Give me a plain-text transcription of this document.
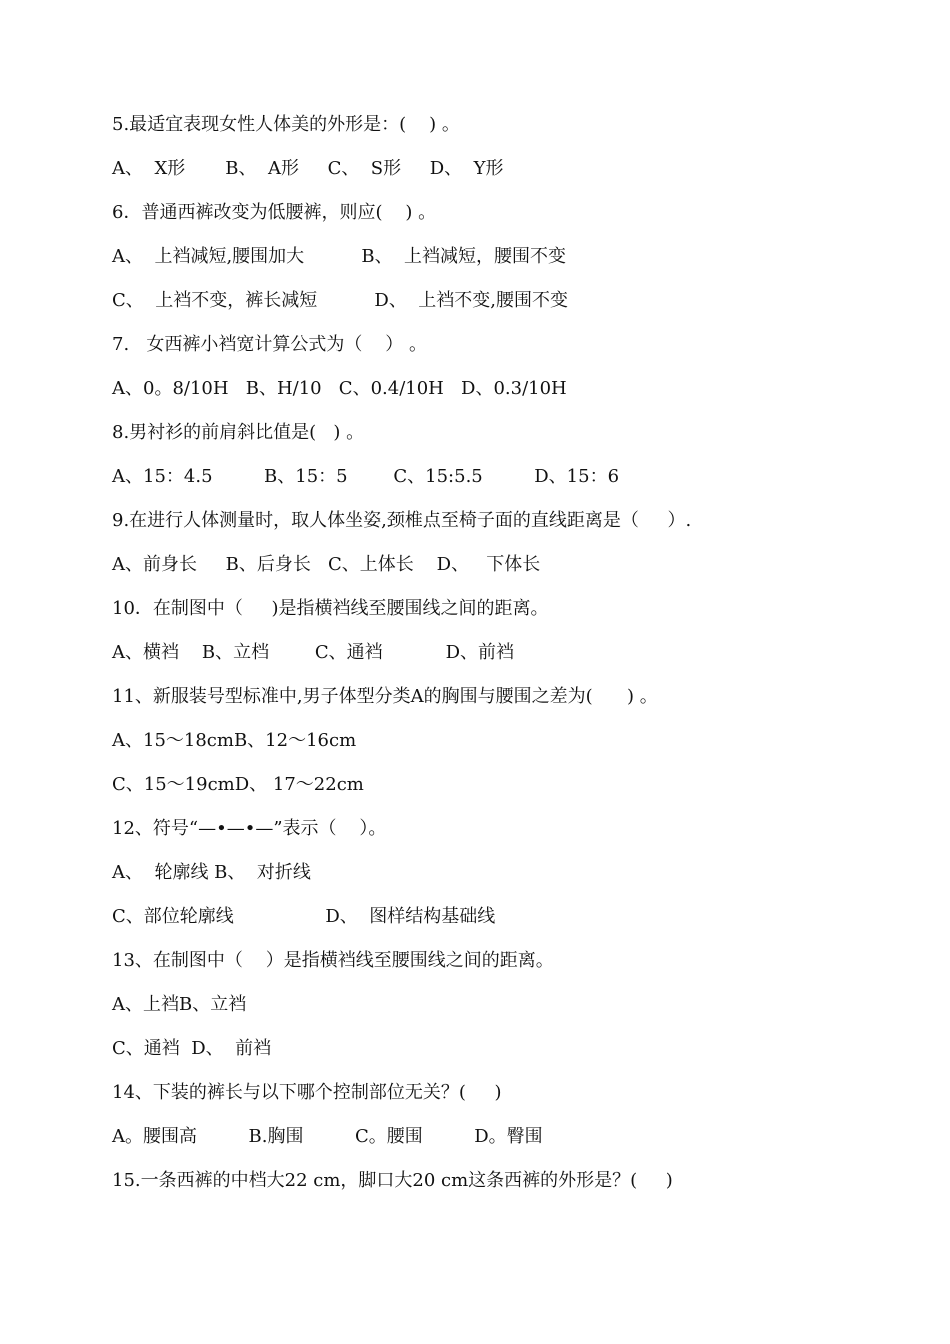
5.最适宜表现女性人体美的外形是：(    ) 。
A、  X形       B、  A形     C、  S形     D、  Y形
6．普通西裤改变为低腰裤，则应(    ) 。
A、  上裆减短,腰围加大          B、  上裆减短，腰围不变
C、  上裆不变，裤长减短          D、  上裆不变,腰围不变
7.   女西裤小裆宽计算公式为（    ） 。
A、0。8/10H   B、H/10   C、0.4/10H   D、0.3/10H
8.男衬衫的前肩斜比值是(   ) 。
A、15：4.5         B、15：5        C、15:5.5         D、15：6
9.在进行人体测量时，取人体坐姿,颈椎点至椅子面的直线距离是（     ）.
A、前身长     B、后身长   C、上体长    D、   下体长
10．在制图中（     )是指横裆线至腰围线之间的距离。
A、横裆    B、立档        C、通裆           D、前裆
11、新服装号型标准中,男子体型分类A的胸围与腰围之差为(      ) 。
A、15～18cmB、12～16cm
C、15～19cmD、 17～22cm
12、符号“—•—•—”表示（    ）。
A、  轮廓线 B、  对折线
C、部位轮廓线                D、  图样结构基础线
13、在制图中（    ）是指横裆线至腰围线之间的距离。
A、上裆B、立裆
C、通裆  D、  前裆
14、下装的裤长与以下哪个控制部位无关？(     )
A。腰围高         B.胸围         C。腰围         D。臀围
15.一条西裤的中档大22 cm，脚口大20 cm这条西裤的外形是？(     )
